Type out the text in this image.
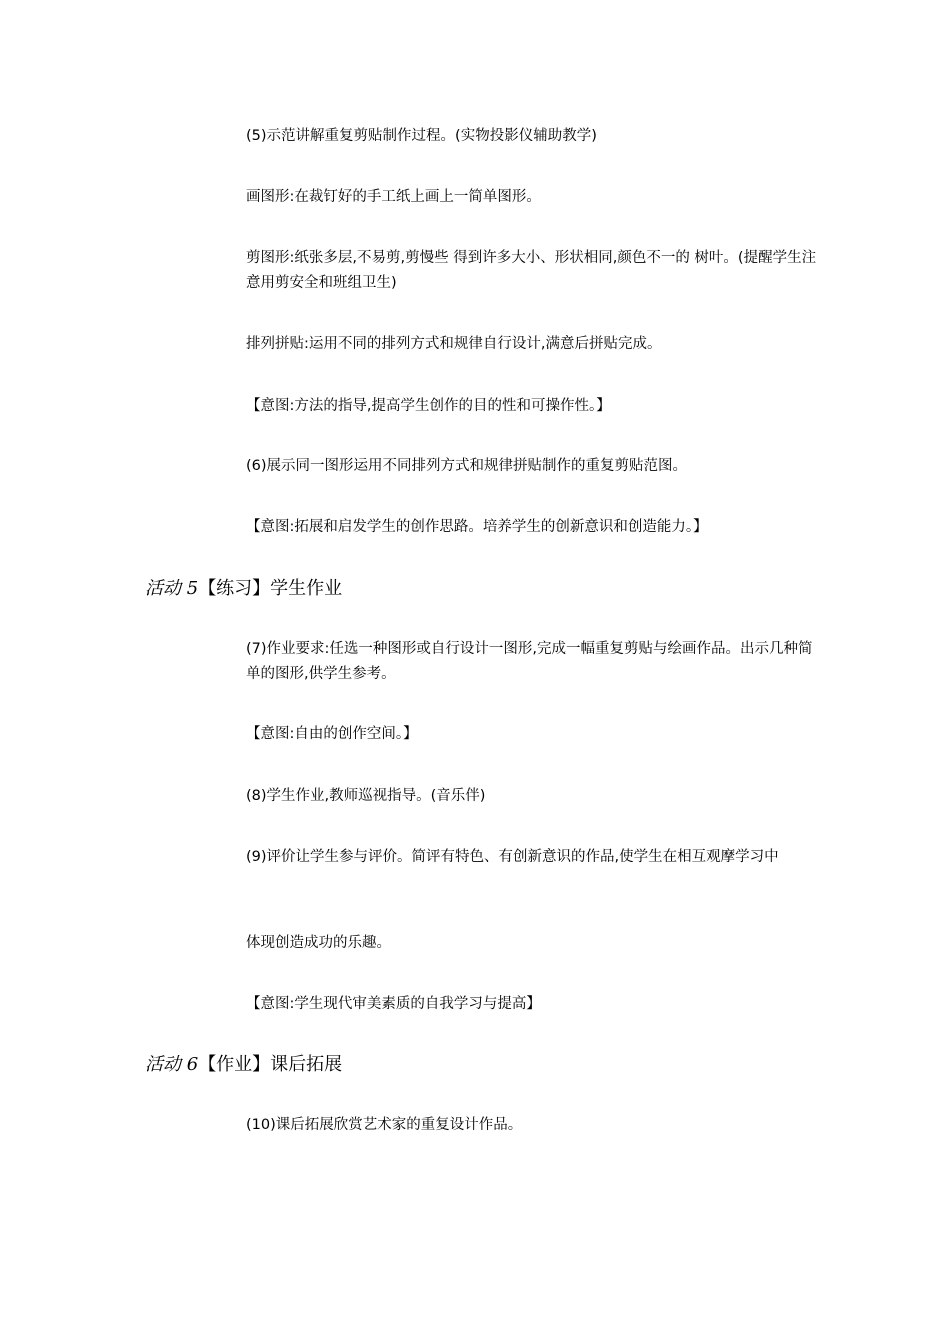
(5)示范讲解重复剪贴制作过程。(实物投影仪辅助教学)
画图形:在裁钉好的手工纸上画上一简单图形。
剪图形:纸张多层,不易剪,剪慢些 得到许多大小、形状相同,颜色不一的 树叶。(提醒学生注意用剪安全和班组卫生)
排列拼贴:运用不同的排列方式和规律自行设计,满意后拼贴完成。
【意图:方法的指导,提高学生创作的目的性和可操作性。】
(6)展示同一图形运用不同排列方式和规律拼贴制作的重复剪贴范图。
【意图:拓展和启发学生的创作思路。培养学生的创新意识和创造能力。】
活动 5【练习】学生作业
(7)作业要求:任选一种图形或自行设计一图形,完成一幅重复剪贴与绘画作品。出示几种简单的图形,供学生参考。
【意图:自由的创作空间。】
(8)学生作业,教师巡视指导。(音乐伴)
(9)评价让学生参与评价。简评有特色、有创新意识的作品,使学生在相互观摩学习中
体现创造成功的乐趣。
【意图:学生现代审美素质的自我学习与提高】
活动 6【作业】课后拓展
(10)课后拓展欣赏艺术家的重复设计作品。
